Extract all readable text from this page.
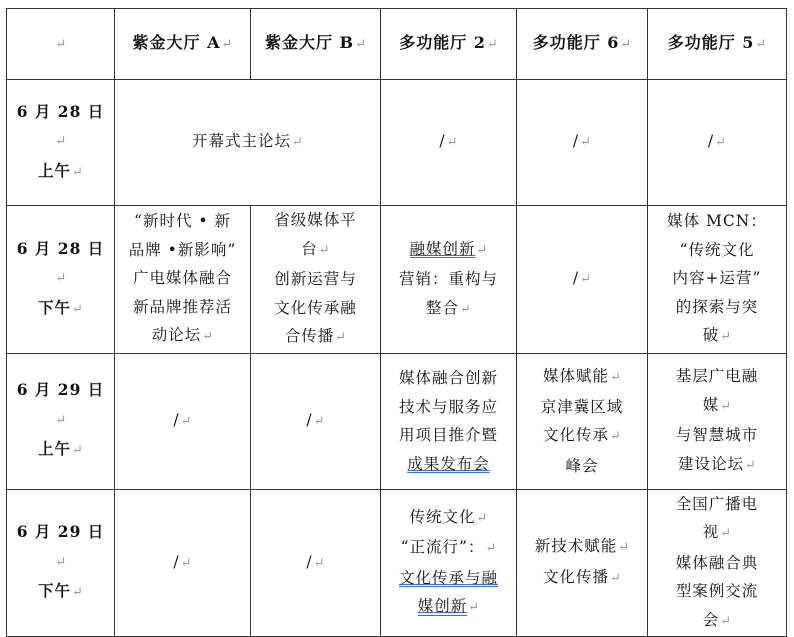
↵	紫金大厅 A↵	紫金大厅 B↵	多功能厅 2↵	多功能厅 6↵	多功能厅 5↵

6 月 28 日↵
上午↵	开幕式主论坛↵		/↵	/↵	/↵

6 月 28 日↵
下午↵	“新时代 • 新
品牌 •新影响”
广电媒体融合
新品牌推荐活
动论坛↵	省级媒体平
台↵
创新运营与
文化传承融
合传播↵	融媒创新↵
营销：重构与
整合↵	/↵	媒体 MCN：
“传统文化
内容+运营”
的探索与突
破↵

6 月 29 日↵
上午↵	/↵	/↵	媒体融合创新
技术与服务应
用项目推介暨
成果发布会	媒体赋能↵
京津冀区域
文化传承↵
峰会	基层广电融
媒↵
与智慧城市
建设论坛↵

6 月 29 日↵
下午↵	/↵	/↵	传统文化↵
“正流行”：↵
文化传承与融
媒创新↵	新技术赋能↵
文化传播↵	全国广播电
视↵
媒体融合典
型案例交流
会↵
